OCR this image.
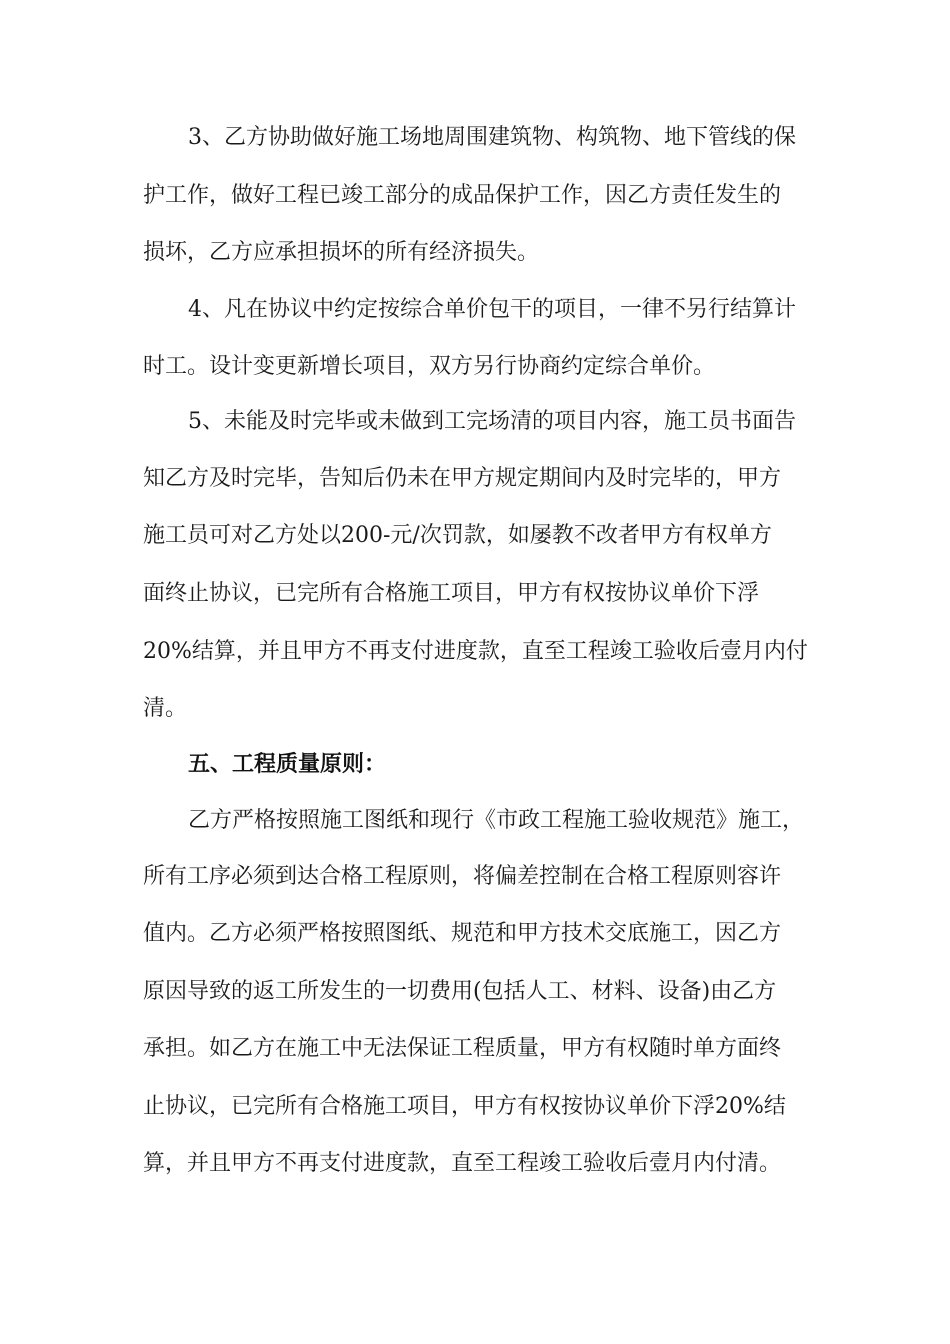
3、乙方协助做好施工场地周围建筑物、构筑物、地下管线的保

护工作，做好工程已竣工部分的成品保护工作，因乙方责任发生的

损坏，乙方应承担损坏的所有经济损失。

4、凡在协议中约定按综合单价包干的项目，一律不另行结算计

时工。设计变更新增长项目，双方另行协商约定综合单价。

5、未能及时完毕或未做到工完场清的项目内容，施工员书面告

知乙方及时完毕，告知后仍未在甲方规定期间内及时完毕的，甲方

施工员可对乙方处以200-元/次罚款，如屡教不改者甲方有权单方

面终止协议，已完所有合格施工项目，甲方有权按协议单价下浮

20%结算，并且甲方不再支付进度款，直至工程竣工验收后壹月内付

清。

五、工程质量原则：

乙方严格按照施工图纸和现行《市政工程施工验收规范》施工，

所有工序必须到达合格工程原则，将偏差控制在合格工程原则容许

值内。乙方必须严格按照图纸、规范和甲方技术交底施工，因乙方

原因导致的返工所发生的一切费用(包括人工、材料、设备)由乙方

承担。如乙方在施工中无法保证工程质量，甲方有权随时单方面终

止协议，已完所有合格施工项目，甲方有权按协议单价下浮20%结

算，并且甲方不再支付进度款，直至工程竣工验收后壹月内付清。
